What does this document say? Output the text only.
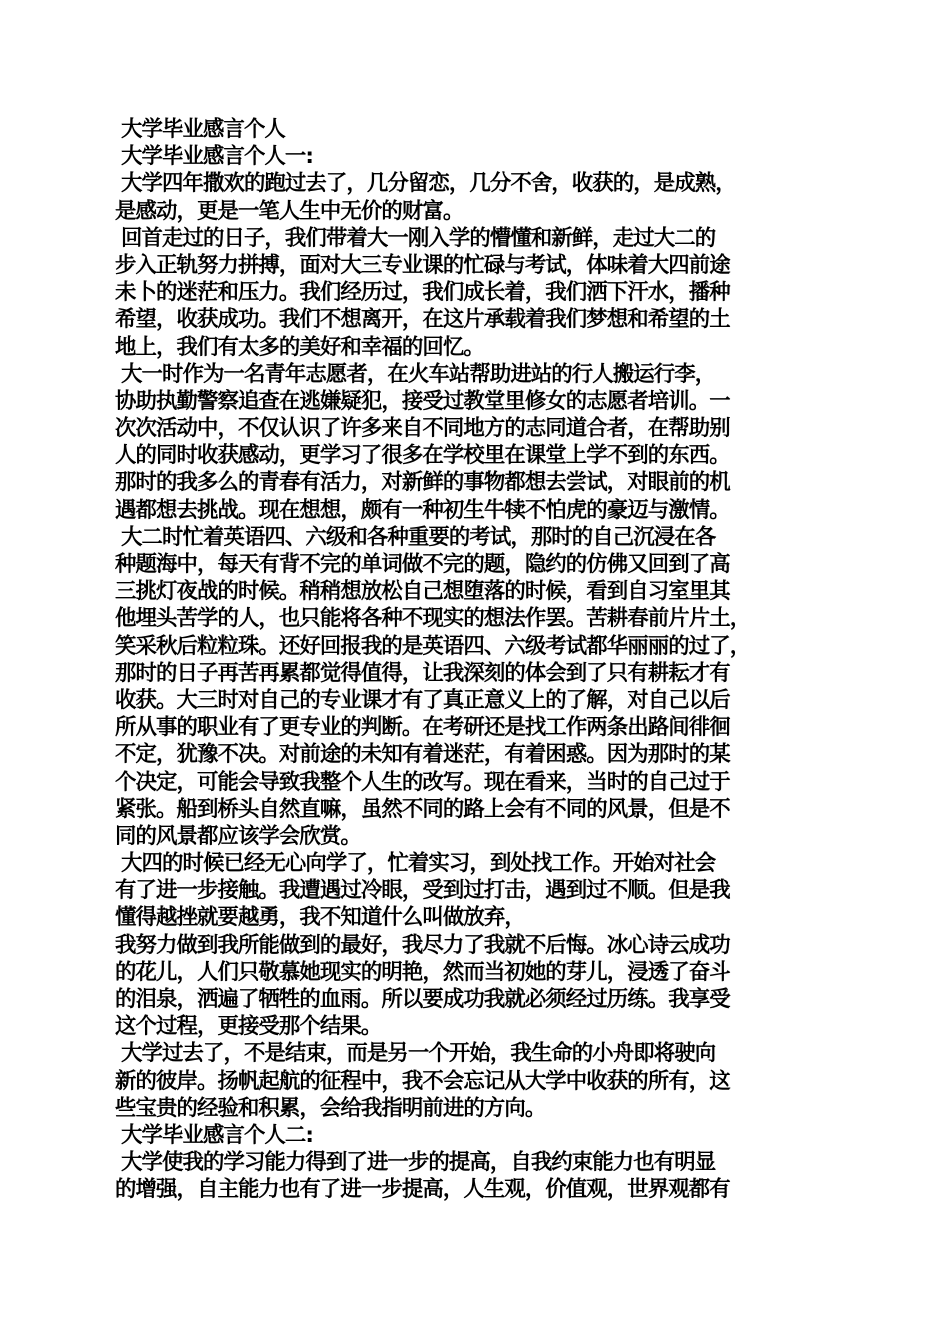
大学毕业感言个人
大学毕业感言个人一:
大学四年撒欢的跑过去了，几分留恋，几分不舍，收获的，是成熟，
是感动，更是一笔人生中无价的财富。
回首走过的日子，我们带着大一刚入学的懵懂和新鲜，走过大二的
步入正轨努力拼搏，面对大三专业课的忙碌与考试，体味着大四前途
未卜的迷茫和压力。我们经历过，我们成长着，我们洒下汗水，播种
希望，收获成功。我们不想离开，在这片承载着我们梦想和希望的土
地上，我们有太多的美好和幸福的回忆。
大一时作为一名青年志愿者，在火车站帮助进站的行人搬运行李，
协助执勤警察追查在逃嫌疑犯，接受过教堂里修女的志愿者培训。一
次次活动中，不仅认识了许多来自不同地方的志同道合者，在帮助别
人的同时收获感动，更学习了很多在学校里在课堂上学不到的东西。
那时的我多么的青春有活力，对新鲜的事物都想去尝试，对眼前的机
遇都想去挑战。现在想想，颇有一种初生牛犊不怕虎的豪迈与激情。
大二时忙着英语四、六级和各种重要的考试，那时的自己沉浸在各
种题海中，每天有背不完的单词做不完的题，隐约的仿佛又回到了高
三挑灯夜战的时候。稍稍想放松自己想堕落的时候，看到自习室里其
他埋头苦学的人，也只能将各种不现实的想法作罢。苦耕春前片片土，
笑采秋后粒粒珠。还好回报我的是英语四、六级考试都华丽丽的过了，
那时的日子再苦再累都觉得值得，让我深刻的体会到了只有耕耘才有
收获。大三时对自己的专业课才有了真正意义上的了解，对自己以后
所从事的职业有了更专业的判断。在考研还是找工作两条出路间徘徊
不定，犹豫不决。对前途的未知有着迷茫，有着困惑。因为那时的某
个决定，可能会导致我整个人生的改写。现在看来，当时的自己过于
紧张。船到桥头自然直嘛，虽然不同的路上会有不同的风景，但是不
同的风景都应该学会欣赏。
大四的时候已经无心向学了，忙着实习，到处找工作。开始对社会
有了进一步接触。我遭遇过冷眼，受到过打击，遇到过不顺。但是我
懂得越挫就要越勇，我不知道什么叫做放弃，
我努力做到我所能做到的最好，我尽力了我就不后悔。冰心诗云成功
的花儿，人们只敬慕她现实的明艳，然而当初她的芽儿，浸透了奋斗
的泪泉，洒遍了牺牲的血雨。所以要成功我就必须经过历练。我享受
这个过程，更接受那个结果。
大学过去了，不是结束，而是另一个开始，我生命的小舟即将驶向
新的彼岸。扬帆起航的征程中，我不会忘记从大学中收获的所有，这
些宝贵的经验和积累，会给我指明前进的方向。
大学毕业感言个人二:
大学使我的学习能力得到了进一步的提高，自我约束能力也有明显
的增强，自主能力也有了进一步提高，人生观，价值观，世界观都有
